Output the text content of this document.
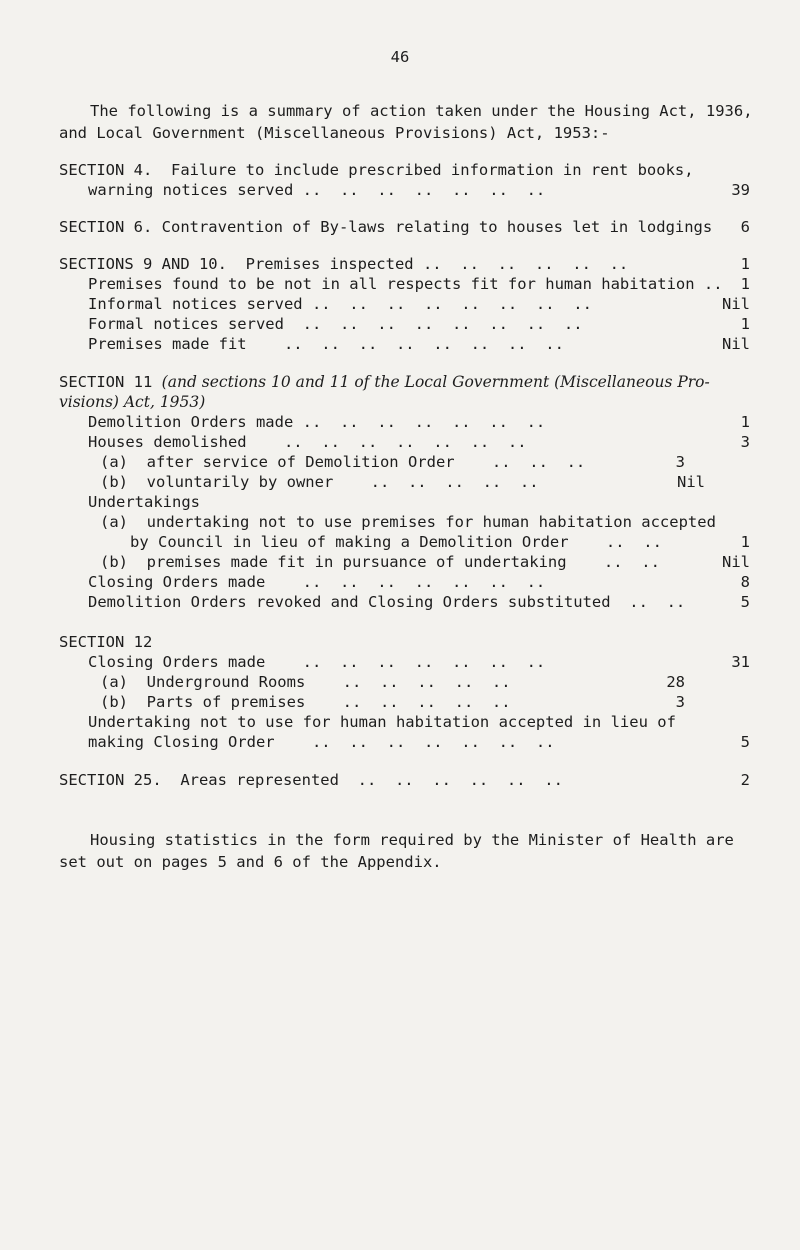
46
The following is a summary of action taken under the Housing Act, 1936,
and Local Government (Miscellaneous Provisions) Act, 1953:-
SECTION 4.  Failure to include prescribed information in rent books,
warning notices served ..  ..  ..  ..  ..  ..  ..	39
SECTION 6. Contravention of By-laws relating to houses let in lodgings 6
SECTIONS 9 AND 10.  Premises inspected ..  ..  ..  ..  ..  ..	1
Premises found to be not in all respects fit for human habitation .. 1
Informal notices served ..  ..  ..  ..  ..  ..  ..  ..	Nil
Formal notices served  ..  ..  ..  ..  ..  ..  ..  ..	1
Premises made fit    ..  ..  ..  ..  ..  ..  ..  ..	Nil
SECTION 11 (and sections 10 and 11 of the Local Government (Miscellaneous Pro-
visions) Act, 1953)
Demolition Orders made ..  ..  ..  ..  ..  ..  ..	1
Houses demolished    ..  ..  ..  ..  ..  ..  ..	3
(a)  after service of Demolition Order    ..  ..  ..	3
(b)  voluntarily by owner    ..  ..  ..  ..  ..	Nil
Undertakings
(a)  undertaking not to use premises for human habitation accepted
by Council in lieu of making a Demolition Order    ..  ..	1
(b)  premises made fit in pursuance of undertaking    ..  ..	Nil
Closing Orders made    ..  ..  ..  ..  ..  ..  ..	8
Demolition Orders revoked and Closing Orders substituted  ..  ..	5
SECTION 12
Closing Orders made    ..  ..  ..  ..  ..  ..  ..	31
(a)  Underground Rooms    ..  ..  ..  ..  ..	28
(b)  Parts of premises    ..  ..  ..  ..  ..	3
Undertaking not to use for human habitation accepted in lieu of
making Closing Order    ..  ..  ..  ..  ..  ..  ..	5
SECTION 25.  Areas represented  ..  ..  ..  ..  ..  ..	2
Housing statistics in the form required by the Minister of Health are
set out on pages 5 and 6 of the Appendix.
